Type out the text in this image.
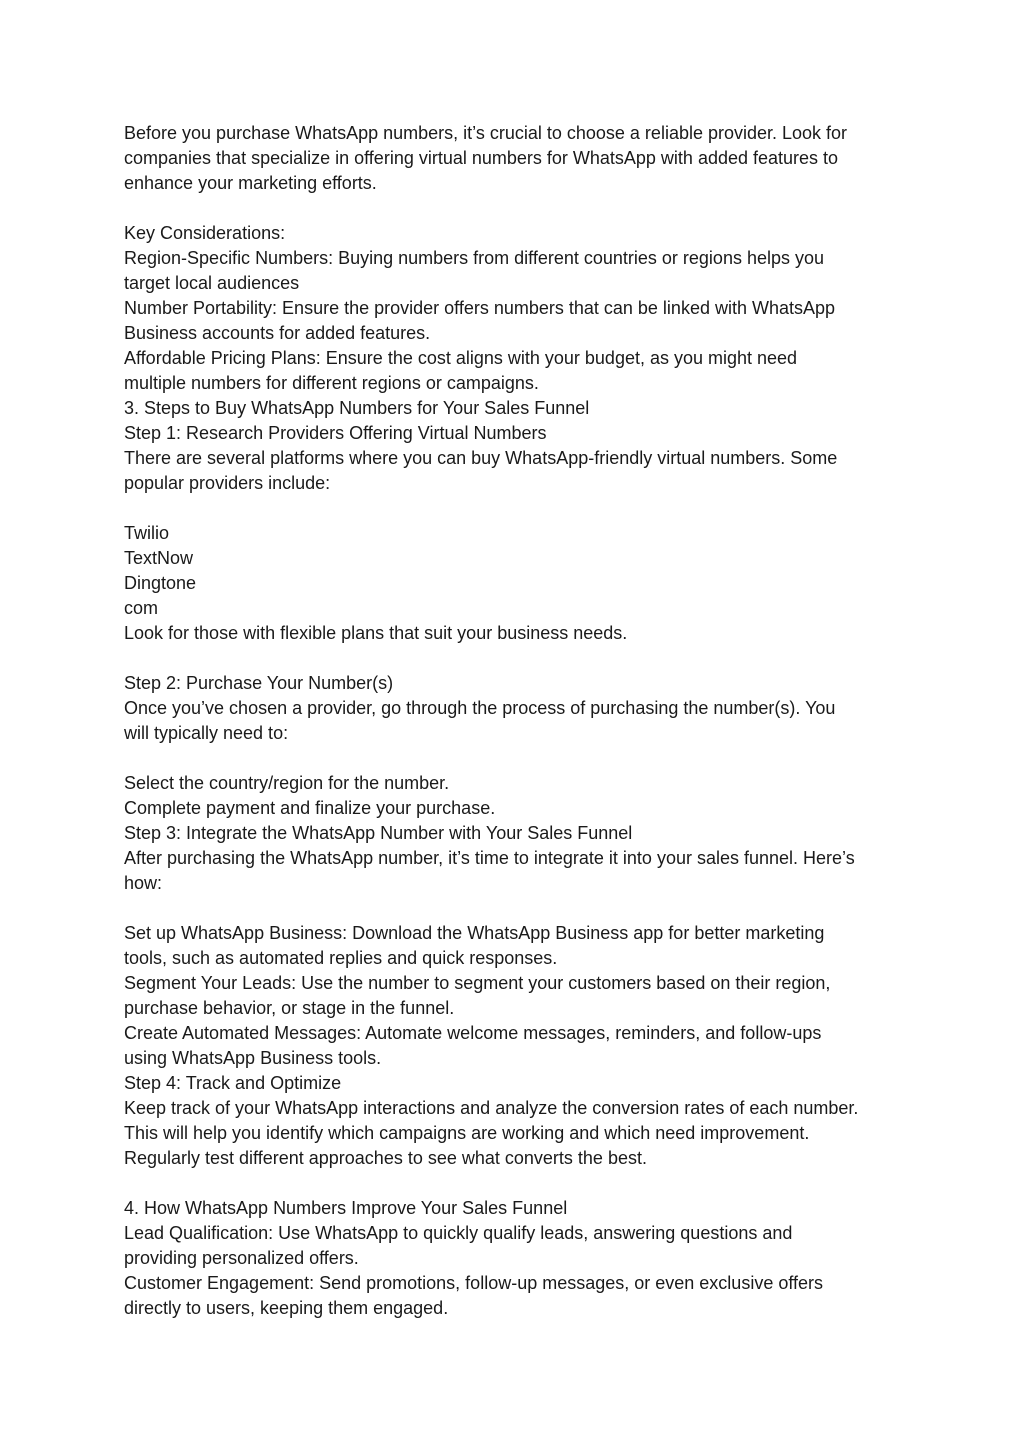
Before you purchase WhatsApp numbers, it’s crucial to choose a reliable provider. Look for

companies that specialize in offering virtual numbers for WhatsApp with added features to

enhance your marketing efforts.

Key Considerations:

Region-Specific Numbers: Buying numbers from different countries or regions helps you

target local audiences

Number Portability: Ensure the provider offers numbers that can be linked with WhatsApp

Business accounts for added features.

Affordable Pricing Plans: Ensure the cost aligns with your budget, as you might need

multiple numbers for different regions or campaigns.

3. Steps to Buy WhatsApp Numbers for Your Sales Funnel

Step 1: Research Providers Offering Virtual Numbers

There are several platforms where you can buy WhatsApp-friendly virtual numbers. Some

popular providers include:

Twilio

TextNow

Dingtone

com

Look for those with flexible plans that suit your business needs.

Step 2: Purchase Your Number(s)

Once you’ve chosen a provider, go through the process of purchasing the number(s). You

will typically need to:

Select the country/region for the number.

Complete payment and finalize your purchase.

Step 3: Integrate the WhatsApp Number with Your Sales Funnel

After purchasing the WhatsApp number, it’s time to integrate it into your sales funnel. Here’s

how:

Set up WhatsApp Business: Download the WhatsApp Business app for better marketing

tools, such as automated replies and quick responses.

Segment Your Leads: Use the number to segment your customers based on their region,

purchase behavior, or stage in the funnel.

Create Automated Messages: Automate welcome messages, reminders, and follow-ups

using WhatsApp Business tools.

Step 4: Track and Optimize

Keep track of your WhatsApp interactions and analyze the conversion rates of each number.

This will help you identify which campaigns are working and which need improvement.

Regularly test different approaches to see what converts the best.

4. How WhatsApp Numbers Improve Your Sales Funnel

Lead Qualification: Use WhatsApp to quickly qualify leads, answering questions and

providing personalized offers.

Customer Engagement: Send promotions, follow-up messages, or even exclusive offers

directly to users, keeping them engaged.
